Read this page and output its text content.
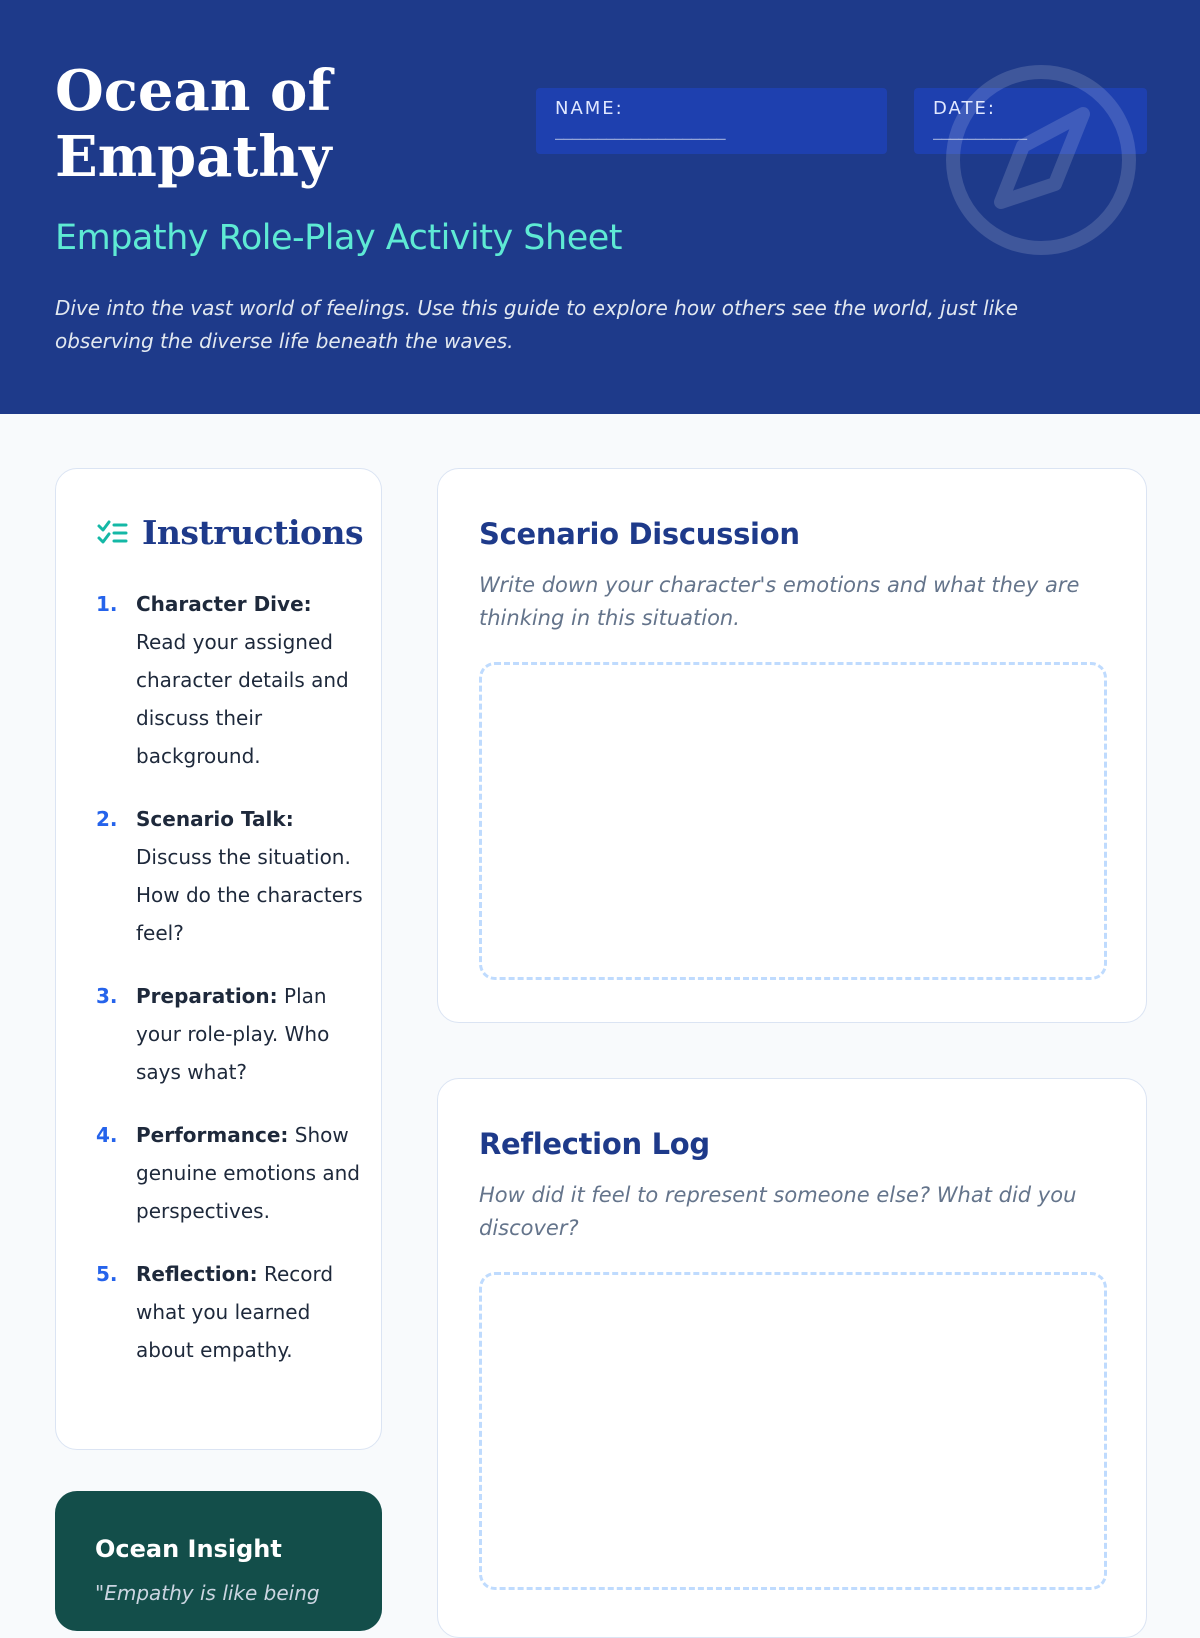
Ocean of Empathy
NAME:
____________________
DATE:
___________
Empathy Role-Play Activity Sheet

Dive into the vast world of feelings. Use this guide to explore how others see the world, just like observing the diverse life beneath the waves.

Instructions
1. Character Dive: Read your assigned character details and discuss their background.
2. Scenario Talk: Discuss the situation. How do the characters feel?
3. Preparation: Plan your role-play. Who says what?
4. Performance: Show genuine emotions and perspectives.
5. Reflection: Record what you learned about empathy.
Ocean Insight

"Empathy is like being

Scenario Discussion

Write down your character's emotions and what they are thinking in this situation.

Reflection Log

How did it feel to represent someone else? What did you discover?
